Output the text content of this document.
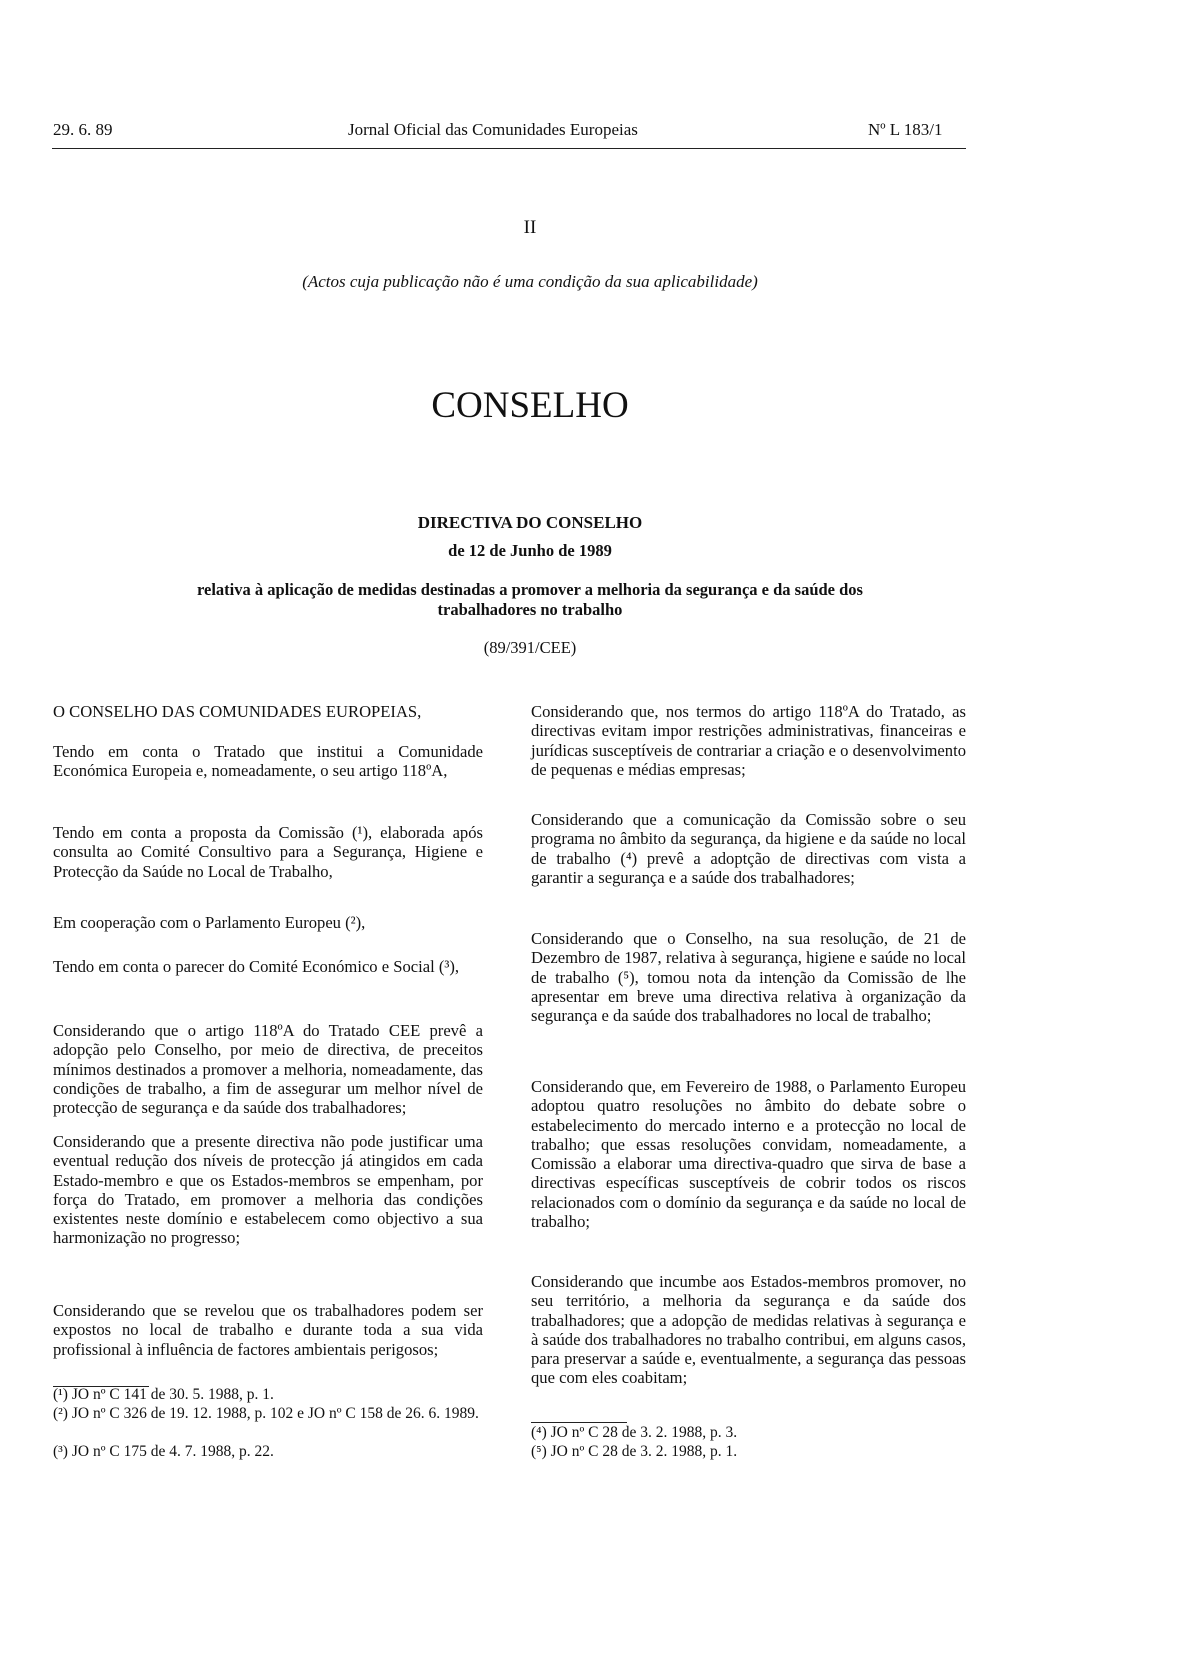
29. 6. 89	Jornal Oficial das Comunidades Europeias	Nº L 183/1
II
(Actos cuja publicação não é uma condição da sua aplicabilidade)
CONSELHO
DIRECTIVA DO CONSELHO
de 12 de Junho de 1989
relativa à aplicação de medidas destinadas a promover a melhoria da segurança e da saúde dos trabalhadores no trabalho
(89/391/CEE)

O CONSELHO DAS COMUNIDADES EUROPEIAS,

Tendo em conta o Tratado que institui a Comunidade Económica Europeia e, nomeadamente, o seu artigo 118ºA,

Tendo em conta a proposta da Comissão (¹), elaborada após consulta ao Comité Consultivo para a Segurança, Higiene e Protecção da Saúde no Local de Trabalho,

Em cooperação com o Parlamento Europeu (²),

Tendo em conta o parecer do Comité Económico e Social (³),

Considerando que o artigo 118ºA do Tratado CEE prevê a adopção pelo Conselho, por meio de directiva, de preceitos mínimos destinados a promover a melhoria, nomeadamente, das condições de trabalho, a fim de assegurar um melhor nível de protecção de segurança e da saúde dos trabalhadores;

Considerando que a presente directiva não pode justificar uma eventual redução dos níveis de protecção já atingidos em cada Estado-membro e que os Estados-membros se empenham, por força do Tratado, em promover a melhoria das condições existentes neste domínio e estabelecem como objectivo a sua harmonização no progresso;

Considerando que se revelou que os trabalhadores podem ser expostos no local de trabalho e durante toda a sua vida profissional à influência de factores ambientais perigosos;

(¹) JO nº C 141 de 30. 5. 1988, p. 1.
(²) JO nº C 326 de 19. 12. 1988, p. 102 e JO nº C 158 de 26. 6. 1989.
(³) JO nº C 175 de 4. 7. 1988, p. 22.

Considerando que, nos termos do artigo 118ºA do Tratado, as directivas evitam impor restrições administrativas, financeiras e jurídicas susceptíveis de contrariar a criação e o desenvolvimento de pequenas e médias empresas;

Considerando que a comunicação da Comissão sobre o seu programa no âmbito da segurança, da higiene e da saúde no local de trabalho (⁴) prevê a adoptção de directivas com vista a garantir a segurança e a saúde dos trabalhadores;

Considerando que o Conselho, na sua resolução, de 21 de Dezembro de 1987, relativa à segurança, higiene e saúde no local de trabalho (⁵), tomou nota da intenção da Comissão de lhe apresentar em breve uma directiva relativa à organização da segurança e da saúde dos trabalhadores no local de trabalho;

Considerando que, em Fevereiro de 1988, o Parlamento Europeu adoptou quatro resoluções no âmbito do debate sobre o estabelecimento do mercado interno e a protecção no local de trabalho; que essas resoluções convidam, nomeadamente, a Comissão a elaborar uma directiva-quadro que sirva de base a directivas específicas susceptíveis de cobrir todos os riscos relacionados com o domínio da segurança e da saúde no local de trabalho;

Considerando que incumbe aos Estados-membros promover, no seu território, a melhoria da segurança e da saúde dos trabalhadores; que a adopção de medidas relativas à segurança e à saúde dos trabalhadores no trabalho contribui, em alguns casos, para preservar a saúde e, eventualmente, a segurança das pessoas que com eles coabitam;

(⁴) JO nº C 28 de 3. 2. 1988, p. 3.
(⁵) JO nº C 28 de 3. 2. 1988, p. 1.
